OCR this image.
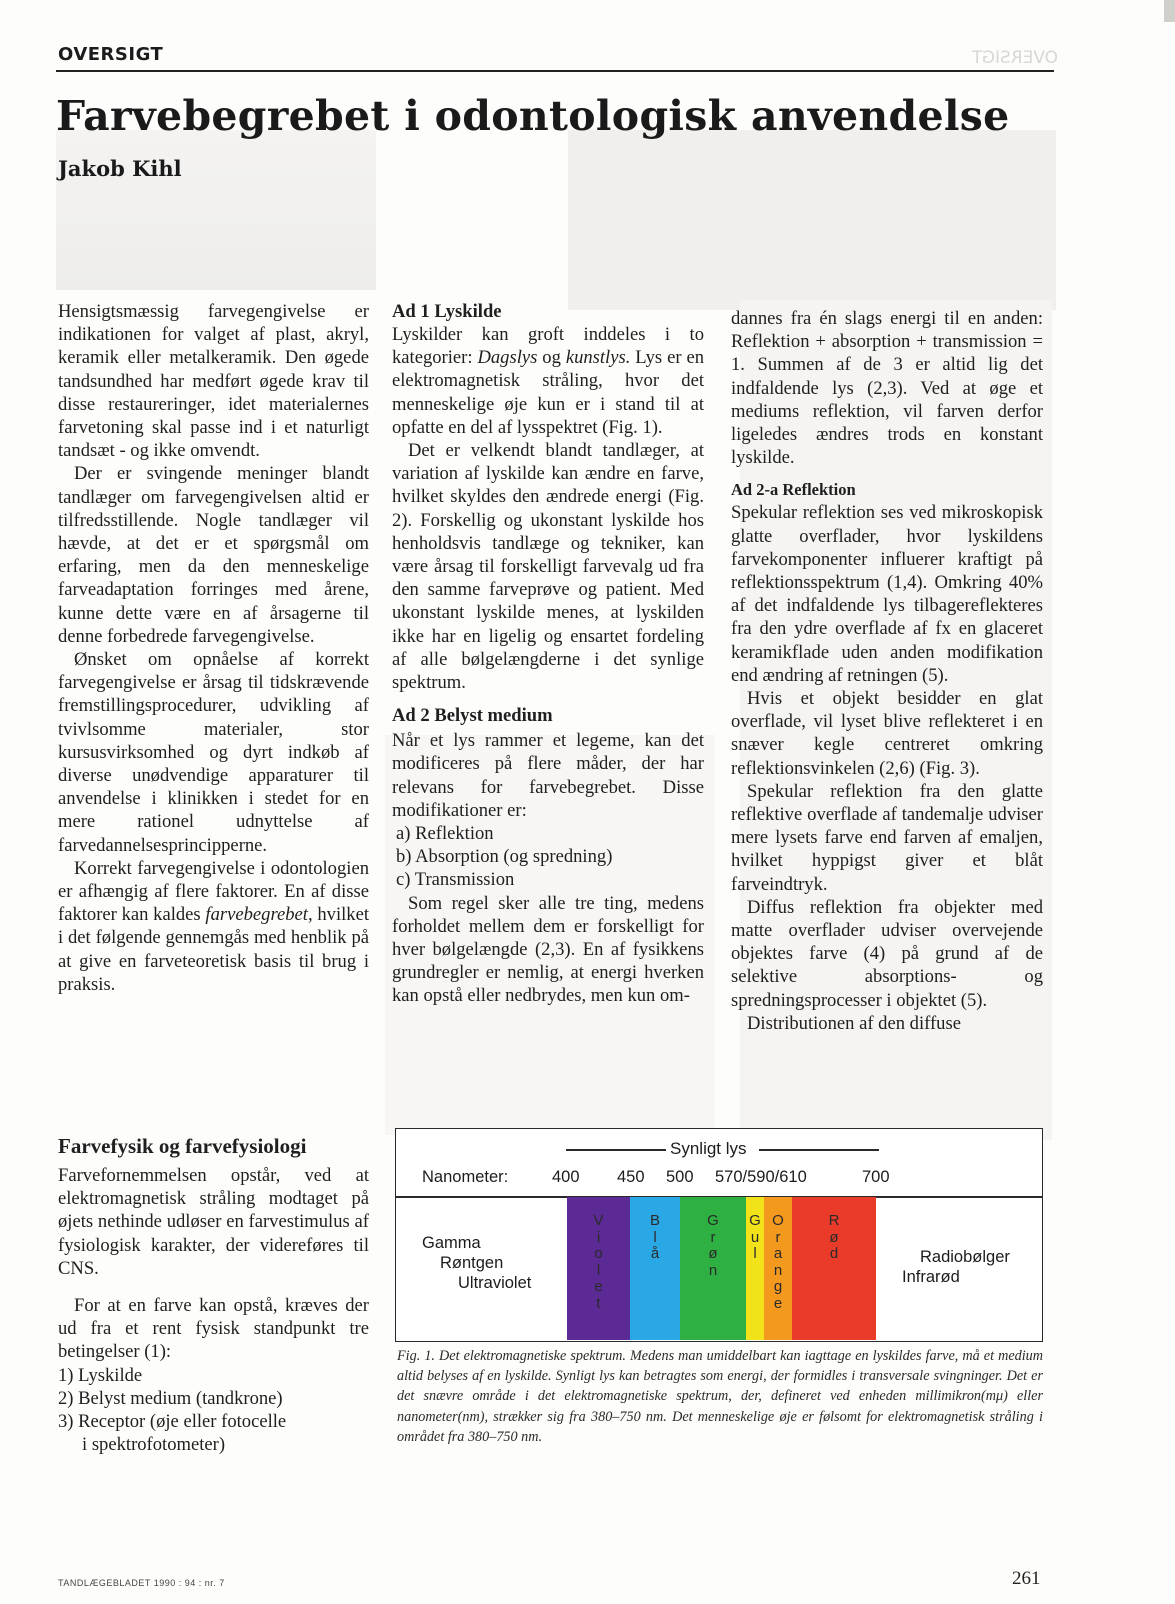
OVERSIGT	OVERSIGT
Farvebegrebet i odontologisk anvendelse
Jakob Kihl

Hensigtsmæssig farvegengivelse er indikationen for valget af plast, akryl, keramik eller metalkeramik. Den øgede tandsundhed har medført øgede krav til disse restaureringer, idet materialernes farvetoning skal passe ind i et naturligt tandsæt - og ikke omvendt.

Der er svingende meninger blandt tandlæger om farvegengivelsen altid er tilfredsstillende. Nogle tandlæger vil hævde, at det er et spørgsmål om erfaring, men da den menneskelige farveadaptation forringes med årene, kunne dette være en af årsagerne til denne forbedrede farvegengivelse.

Ønsket om opnåelse af korrekt farvegengivelse er årsag til tidskrævende fremstillingsprocedurer, udvikling af tvivlsomme materialer, stor kursusvirksomhed og dyrt indkøb af diverse unødvendige apparaturer til anvendelse i klinikken i stedet for en mere rationel udnyttelse af farvedannelsesprincipperne.

Korrekt farvegengivelse i odontologien er afhængig af flere faktorer. En af disse faktorer kan kaldes farvebegrebet, hvilket i det følgende gennemgås med henblik på at give en farveteoretisk basis til brug i praksis.

Farvefysik og farvefysiologi

Farvefornemmelsen opstår, ved at elektromagnetisk stråling modtaget på øjets nethinde udløser en farvestimulus af fysiologisk karakter, der videreføres til CNS.

For at en farve kan opstå, kræves der ud fra et rent fysisk standpunkt tre betingelser (1):

1) Lyskilde

2) Belyst medium (tandkrone)

3) Receptor (øje eller fotocelle

i spektrofotometer)

Ad 1 Lyskilde

Lyskilder kan groft inddeles i to kategorier: Dagslys og kunstlys. Lys er en elektromagnetisk stråling, hvor det menneskelige øje kun er i stand til at opfatte en del af lysspektret (Fig. 1).

Det er velkendt blandt tandlæger, at variation af lyskilde kan ændre en farve, hvilket skyldes den ændrede energi (Fig. 2). Forskellig og ukonstant lyskilde hos henholdsvis tandlæge og tekniker, kan være årsag til forskelligt farvevalg ud fra den samme farveprøve og patient. Med ukonstant lyskilde menes, at lyskilden ikke har en ligelig og ensartet fordeling af alle bølgelængderne i det synlige spektrum.

Ad 2 Belyst medium

Når et lys rammer et legeme, kan det modificeres på flere måder, der har relevans for farvebegrebet. Disse modifikationer er:

a) Reflektion

b) Absorption (og spredning)

c) Transmission

Som regel sker alle tre ting, medens forholdet mellem dem er forskelligt for hver bølgelængde (2,3). En af fysikkens grundregler er nemlig, at energi hverken kan opstå eller nedbrydes, men kun om-

dannes fra én slags energi til en anden: Reflektion + absorption + transmission = 1. Summen af de 3 er altid lig det indfaldende lys (2,3). Ved at øge et mediums reflektion, vil farven derfor ligeledes ændres trods en konstant lyskilde.

Ad 2-a Reflektion

Spekular reflektion ses ved mikroskopisk glatte overflader, hvor lyskildens farvekomponenter influerer kraftigt på reflektionsspektrum (1,4). Omkring 40% af det indfaldende lys tilbagereflekteres fra den ydre overflade af fx en glaceret keramikflade uden anden modifikation end ændring af retningen (5).

Hvis et objekt besidder en glat overflade, vil lyset blive reflekteret i en snæver kegle centreret omkring reflektionsvinkelen (2,6) (Fig. 3).

Spekular reflektion fra den glatte reflektive overflade af tandemalje udviser mere lysets farve end farven af emaljen, hvilket hyppigst giver et blåt farveindtryk.

Diffus reflektion fra objekter med matte overflader udviser overvejende objektes farve (4) på grund af de selektive absorptions- og spredningsprocesser i objektet (5).

Distributionen af den diffuse

Synligt lys
Nanometer:	400 450 500 570/590/610	700
V
i
o
l
e
t
B
l
å
G
r
ø
n
G
u
l
O
r
a
n
g
e
R
ø
d
Gamma
Røntgen
Ultraviolet
Radiobølger
Infrarød
Fig. 1. Det elektromagnetiske spektrum. Medens man umiddelbart kan iagttage en lyskildes farve, må et medium altid belyses af en lyskilde. Synligt lys kan betragtes som energi, der formidles i transversale svingninger. Det er det snævre område i det elektromagnetiske spektrum, der, defineret ved enheden millimikron(mμ) eller nanometer(nm), strækker sig fra 380–750 nm. Det menneskelige øje er følsomt for elektromagnetisk stråling i området fra 380–750 nm.
TANDLÆGEBLADET 1990 : 94 : nr. 7	261
